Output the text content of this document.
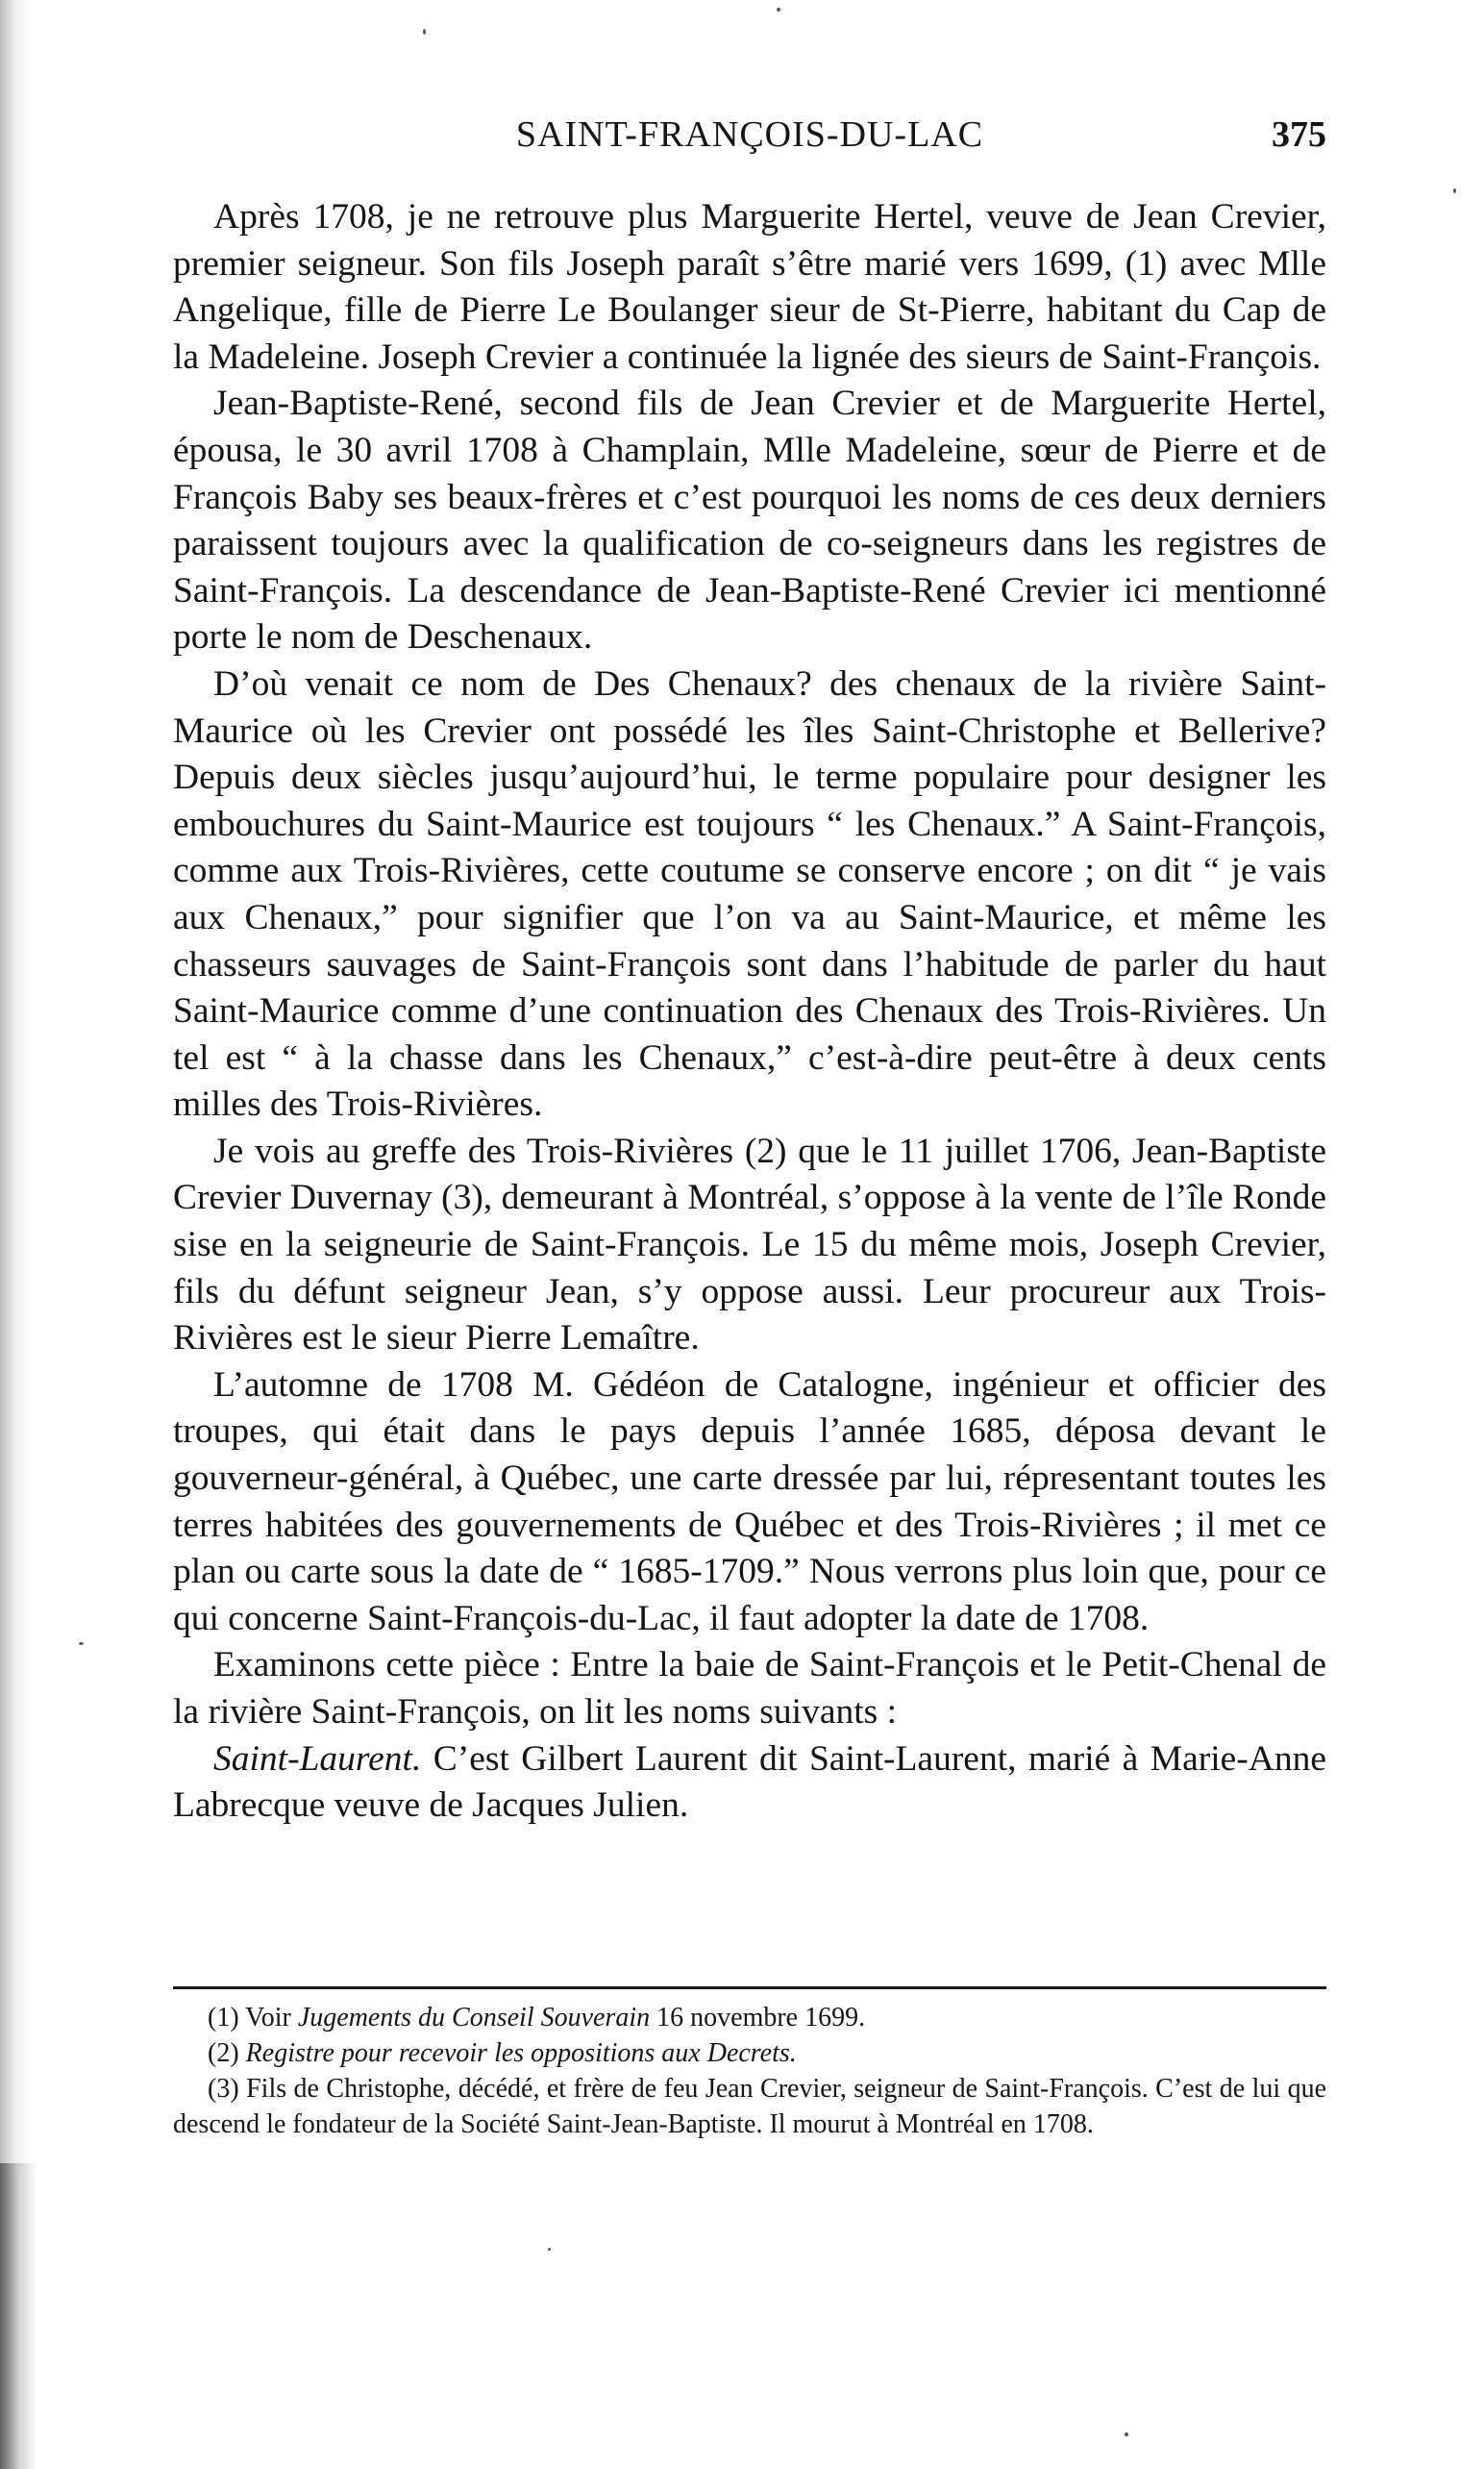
SAINT-FRANÇOIS-DU-LAC	375

Après 1708, je ne retrouve plus Marguerite Hertel, veuve de Jean Crevier, premier seigneur. Son fils Joseph paraît s’être marié vers 1699, (1) avec Mlle Angelique, fille de Pierre Le Boulanger sieur de St-Pierre, habitant du Cap de la Madeleine. Joseph Crevier a continuée la lignée des sieurs de Saint-François.

Jean-Baptiste-René, second fils de Jean Crevier et de Marguerite Hertel, épousa, le 30 avril 1708 à Champlain, Mlle Madeleine, sœur de Pierre et de François Baby ses beaux-frères et c’est pourquoi les noms de ces deux derniers paraissent toujours avec la qualification de co-seigneurs dans les registres de Saint-François. La descendance de Jean-Baptiste-René Crevier ici mentionné porte le nom de Deschenaux.

D’où venait ce nom de Des Chenaux? des chenaux de la rivière Saint-Maurice où les Crevier ont possédé les îles Saint-Christophe et Bellerive? Depuis deux siècles jusqu’aujourd’hui, le terme populaire pour designer les embouchures du Saint-Maurice est toujours “ les Chenaux.” A Saint-François, comme aux Trois-Rivières, cette coutume se conserve encore ; on dit “ je vais aux Chenaux,” pour signifier que l’on va au Saint-Maurice, et même les chasseurs sauvages de Saint-François sont dans l’habitude de parler du haut Saint-Maurice comme d’une continuation des Chenaux des Trois-Rivières. Un tel est “ à la chasse dans les Chenaux,” c’est-à-dire peut-être à deux cents milles des Trois-Rivières.

Je vois au greffe des Trois-Rivières (2) que le 11 juillet 1706, Jean-Baptiste Crevier Duvernay (3), demeurant à Montréal, s’oppose à la vente de l’île Ronde sise en la seigneurie de Saint-François. Le 15 du même mois, Joseph Crevier, fils du défunt seigneur Jean, s’y oppose aussi. Leur procureur aux Trois-Rivières est le sieur Pierre Lemaître.

L’automne de 1708 M. Gédéon de Catalogne, ingénieur et officier des troupes, qui était dans le pays depuis l’année 1685, déposa devant le gouverneur-général, à Québec, une carte dressée par lui, répresentant toutes les terres habitées des gouvernements de Québec et des Trois-Rivières ; il met ce plan ou carte sous la date de “ 1685-1709.” Nous verrons plus loin que, pour ce qui concerne Saint-François-du-Lac, il faut adopter la date de 1708.

Examinons cette pièce : Entre la baie de Saint-François et le Petit-Chenal de la rivière Saint-François, on lit les noms suivants :

Saint-Laurent. C’est Gilbert Laurent dit Saint-Laurent, marié à Marie-Anne Labrecque veuve de Jacques Julien.

(1) Voir Jugements du Conseil Souverain 16 novembre 1699.

(2) Registre pour recevoir les oppositions aux Decrets.

(3) Fils de Christophe, décédé, et frère de feu Jean Crevier, seigneur de Saint-François. C’est de lui que descend le fondateur de la Société Saint-Jean-Baptiste. Il mourut à Montréal en 1708.
